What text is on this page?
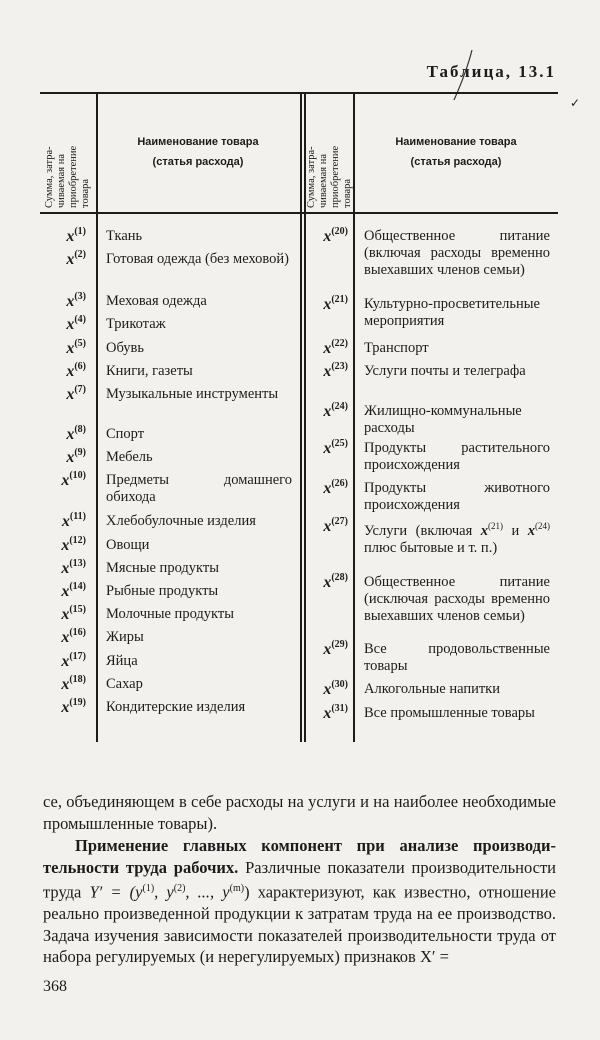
Таблица, 13.1
✓
Сумма, затра-
чиваемая на
приобретение
товара
Наименование товара
(статья расхода)
Сумма, затра-
чиваемая на
приобретение
товара
Наименование товара
(статья расхода)
$x^{(1)}$
$x^{(2)}$
$x^{(3)}$
$x^{(4)}$
$x^{(5)}$
$x^{(6)}$
$x^{(7)}$
$x^{(8)}$
$x^{(9)}$
$x^{(10)}$
$x^{(11)}$
$x^{(12)}$
$x^{(13)}$
$x^{(14)}$
$x^{(15)}$
$x^{(16)}$
$x^{(17)}$
$x^{(18)}$
$x^{(19)}$
Ткань
Готовая одежда (без меховой)
Меховая одежда
Трикотаж
Обувь
Книги, газеты
Музыкальные инструменты
Спорт
Мебель
Предметы домашнего обихода
Хлебобулочные изделия
Овощи
Мясные продукты
Рыбные продукты
Молочные продукты
Жиры
Яйца
Сахар
Кондитерские изделия
$x^{(20)}$
$x^{(21)}$
$x^{(22)}$
$x^{(23)}$
$x^{(24)}$
$x^{(25)}$
$x^{(26)}$
$x^{(27)}$
$x^{(28)}$
$x^{(29)}$
$x^{(30)}$
$x^{(31)}$
Общественное питание (включая расходы временно выехавших членов семьи)
Культурно-просветительные мероприятия
Транспорт
Услуги почты и телеграфа
Жилищно-коммунальные расходы
Продукты растительного происхождения
Продукты животного происхождения
Услуги (включая $x^{(21)}$ и $x^{(24)}$ плюс бытовые и т. п.)
Общественное питание (исключая расходы временно выехавших членов семьи)
Все продовольственные товары
Алкогольные напитки
Все промышленные товары
се, объединяющем в себе расходы на услуги и на наиболее необходимые промышленные товары).
Применение главных компонент при анализе производительности труда рабочих. Различные показатели производительности труда $Y' = (y^{(1)}$, $y^{(2)}$, ..., $y^{(m)}$) характеризуют, как известно, отношение реально произведенной продукции к затратам труда на ее производство. Задача изучения зависимости показателей производительности труда от набора регулируемых (и нерегулируемых) признаков X′ =
368
